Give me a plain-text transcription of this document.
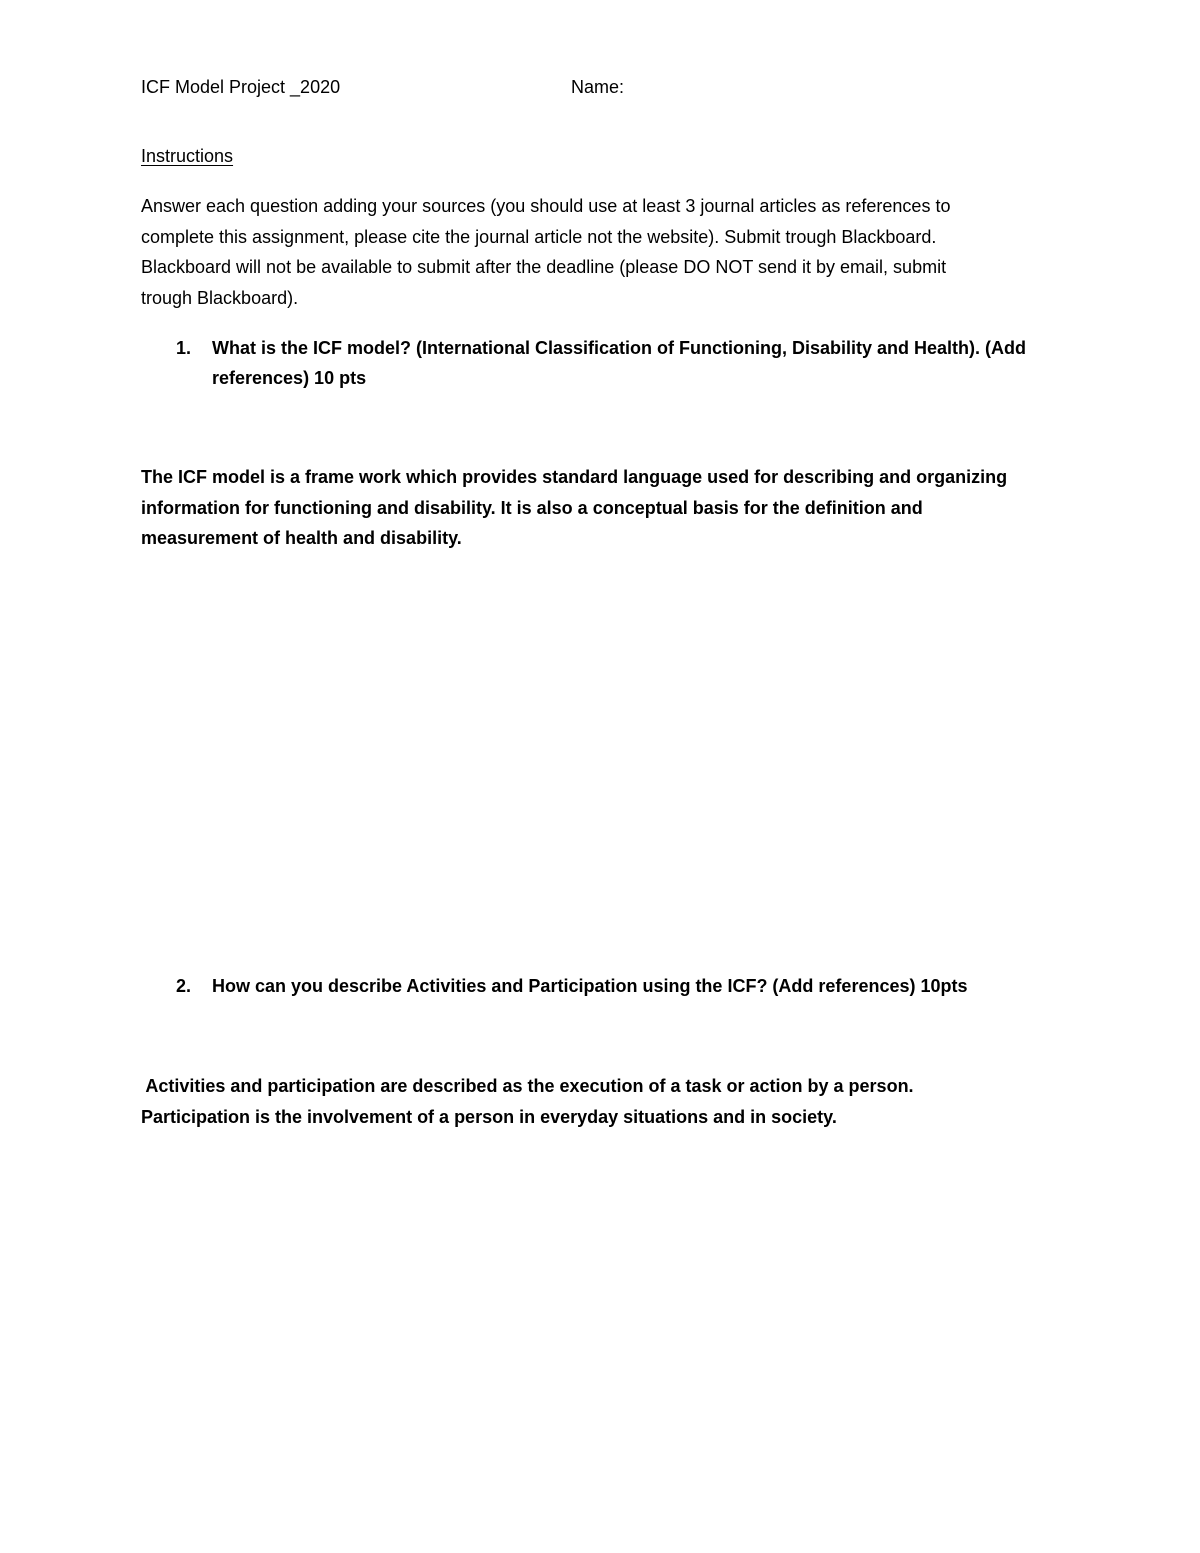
ICF Model Project _2020	Name:

Instructions

Answer each question adding your sources (you should use at least 3 journal articles as references to
complete this assignment, please cite the journal article not the website). Submit trough Blackboard.
Blackboard will not be available to submit after the deadline (please DO NOT send it by email, submit
trough Blackboard).
1.	What is the ICF model? (International Classification of Functioning, Disability and Health). (Add
references) 10 pts
The ICF model is a frame work which provides standard language used for describing and organizing
information for functioning and disability. It is also a conceptual basis for the definition and
measurement of health and disability.
2.	How can you describe Activities and Participation using the ICF? (Add references) 10pts
Activities and participation are described as the execution of a task or action by a person.
Participation is the involvement of a person in everyday situations and in society.
